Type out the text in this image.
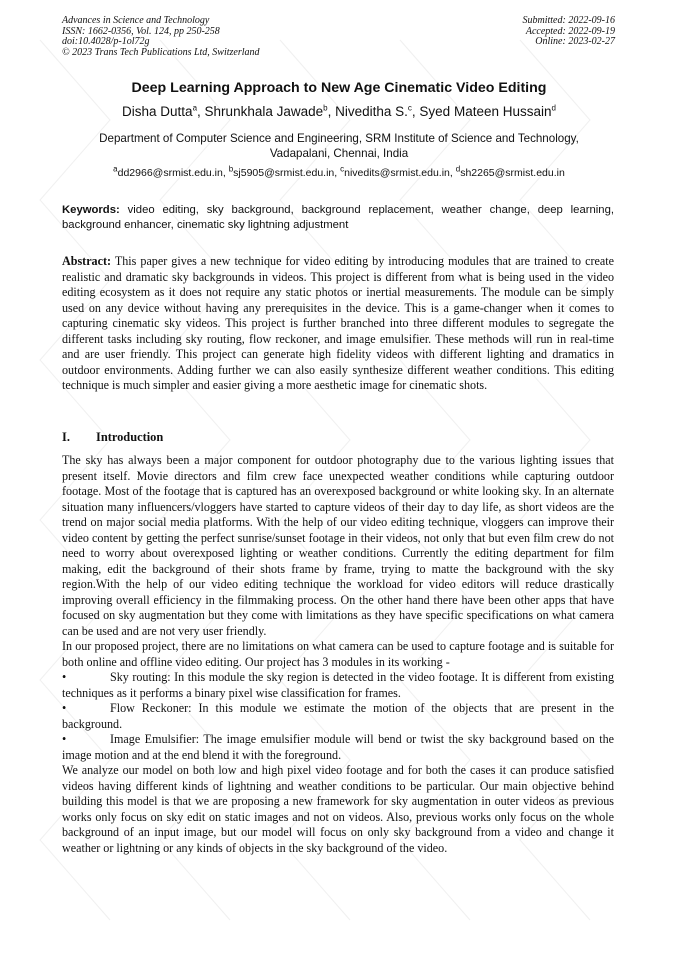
Advances in Science and Technology
ISSN: 1662-0356, Vol. 124, pp 250-258
doi:10.4028/p-1ol72g
© 2023 Trans Tech Publications Ltd, Switzerland
Submitted: 2022-09-16
Accepted: 2022-09-19
Online: 2023-02-27
Deep Learning Approach to New Age Cinematic Video Editing
Disha Dutta$^a$, Shrunkhala Jawade$^b$, Niveditha S.$^c$, Syed Mateen Hussain$^d$
Department of Computer Science and Engineering, SRM Institute of Science and Technology,
Vadapalani, Chennai, India
$^a$dd2966@srmist.edu.in, $^b$sj5905@srmist.edu.in, $^c$nivedits@srmist.edu.in, $^d$sh2265@srmist.edu.in
Keywords: video editing, sky background, background replacement, weather change, deep learning, background enhancer, cinematic sky lightning adjustment
Abstract: This paper gives a new technique for video editing by introducing modules that are trained to create realistic and dramatic sky backgrounds in videos. This project is different from what is being used in the video editing ecosystem as it does not require any static photos or inertial measurements. The module can be simply used on any device without having any prerequisites in the device. This is a game-changer when it comes to capturing cinematic sky videos. This project is further branched into three different modules to segregate the different tasks including sky routing, flow reckoner, and image emulsifier. These methods will run in real-time and are user friendly. This project can generate high fidelity videos with different lighting and dramatics in outdoor environments. Adding further we can also easily synthesize different weather conditions. This editing technique is much simpler and easier giving a more aesthetic image for cinematic shots.
I. Introduction

The sky has always been a major component for outdoor photography due to the various lighting issues that present itself. Movie directors and film crew face unexpected weather conditions while capturing outdoor footage. Most of the footage that is captured has an overexposed background or white looking sky. In an alternate situation many influencers/vloggers have started to capture videos of their day to day life, as short videos are the trend on major social media platforms. With the help of our video editing technique, vloggers can improve their video content by getting the perfect sunrise/sunset footage in their videos, not only that but even film crew do not need to worry about overexposed lighting or weather conditions. Currently the editing department for film making, edit the background of their shots frame by frame, trying to matte the background with the sky region.With the help of our video editing technique the workload for video editors will reduce drastically improving overall efficiency in the filmmaking process. On the other hand there have been other apps that have focused on sky augmentation but they come with limitations as they have specific specifications on what camera can be used and are not very user friendly.

In our proposed project, there are no limitations on what camera can be used to capture footage and is suitable for both online and offline video editing. Our project has 3 modules in its working -

•	Sky routing: In this module the sky region is detected in the video footage. It is different from existing techniques as it performs a binary pixel wise classification for frames.

•	Flow Reckoner: In this module we estimate the motion of the objects that are present in the background.

•	Image Emulsifier: The image emulsifier module will bend or twist the sky background based on the image motion and at the end blend it with the foreground.

We analyze our model on both low and high pixel video footage and for both the cases it can produce satisfied videos having different kinds of lightning and weather conditions to be particular. Our main objective behind building this model is that we are proposing a new framework for sky augmentation in outer videos as previous works only focus on sky edit on static images and not on videos. Also, previous works only focus on the whole background of an input image, but our model will focus on only sky background from a video and change it weather or lightning or any kinds of objects in the sky background of the video.
